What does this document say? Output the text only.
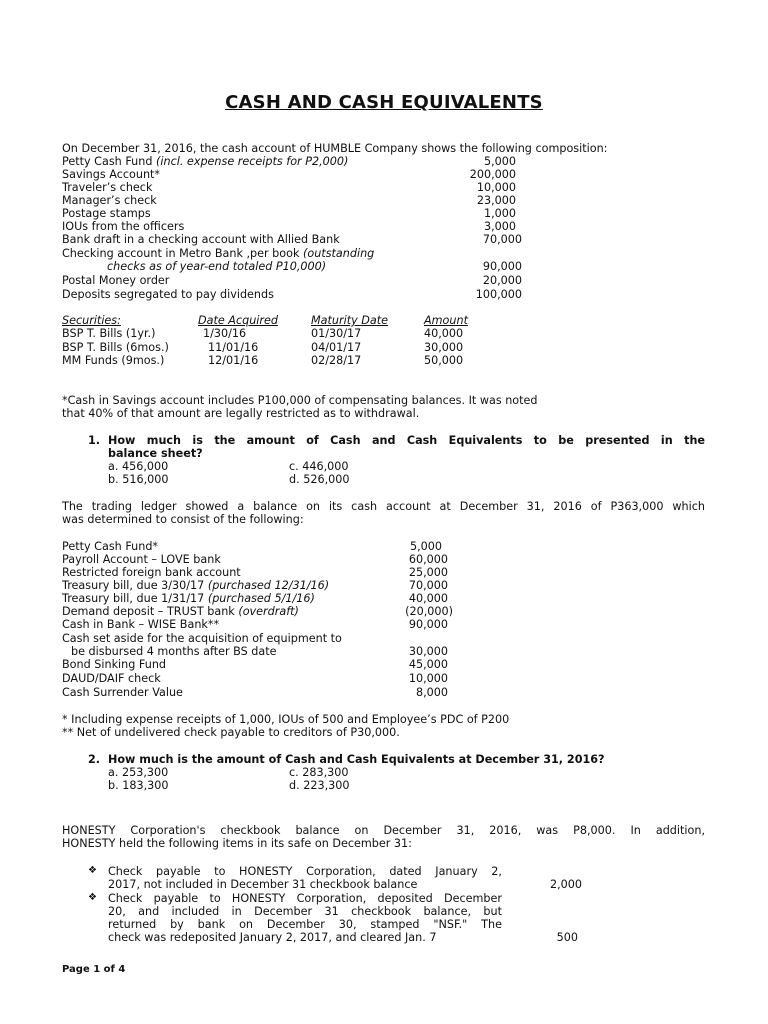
CASH AND CASH EQUIVALENTS
On December 31, 2016, the cash account of HUMBLE Company shows the following composition:
Petty Cash Fund (incl. expense receipts for P2,000)	5,000
Savings Account*	200,000
Traveler’s check	10,000
Manager’s check	23,000
Postage stamps	1,000
IOUs from the officers	3,000
Bank draft in a checking account with Allied Bank	70,000
Checking account in Metro Bank ,per book (outstanding
checks as of year-end totaled P10,000)	90,000
Postal Money order	20,000
Deposits segregated to pay dividends	100,000
Securities:	Date Acquired	Maturity Date	Amount
BSP T. Bills (1yr.)	1/30/16	01/30/17	40,000
BSP T. Bills (6mos.)	11/01/16	04/01/17	30,000
MM Funds (9mos.)	12/01/16	02/28/17	50,000
*Cash in Savings account includes P100,000 of compensating balances. It was noted
that 40% of that amount are legally restricted as to withdrawal.
1. How much is the amount of Cash and Cash Equivalents to be presented in the
balance sheet?
a. 456,000	c. 446,000
b. 516,000	d. 526,000
The trading ledger showed a balance on its cash account at December 31, 2016 of P363,000 which
was determined to consist of the following:
Petty Cash Fund*	5,000
Payroll Account – LOVE bank	60,000
Restricted foreign bank account	25,000
Treasury bill, due 3/30/17 (purchased 12/31/16)	70,000
Treasury bill, due 1/31/17 (purchased 5/1/16)	40,000
Demand deposit – TRUST bank (overdraft)	(20,000)
Cash in Bank – WISE Bank**	90,000
Cash set aside for the acquisition of equipment to
be disbursed 4 months after BS date	30,000
Bond Sinking Fund	45,000
DAUD/DAIF check	10,000
Cash Surrender Value	8,000
* Including expense receipts of 1,000, IOUs of 500 and Employee’s PDC of P200
** Net of undelivered check payable to creditors of P30,000.
2. How much is the amount of Cash and Cash Equivalents at December 31, 2016?
a. 253,300	c. 283,300
b. 183,300	d. 223,300
HONESTY Corporation's checkbook balance on December 31, 2016, was P8,000. In addition,
HONESTY held the following items in its safe on December 31:
❖ Check payable to HONESTY Corporation, dated January 2,
2017, not included in December 31 checkbook balance	2,000
❖ Check payable to HONESTY Corporation, deposited December
20, and included in December 31 checkbook balance, but
returned by bank on December 30, stamped "NSF." The
check was redeposited January 2, 2017, and cleared Jan. 7	500
Page 1 of 4
